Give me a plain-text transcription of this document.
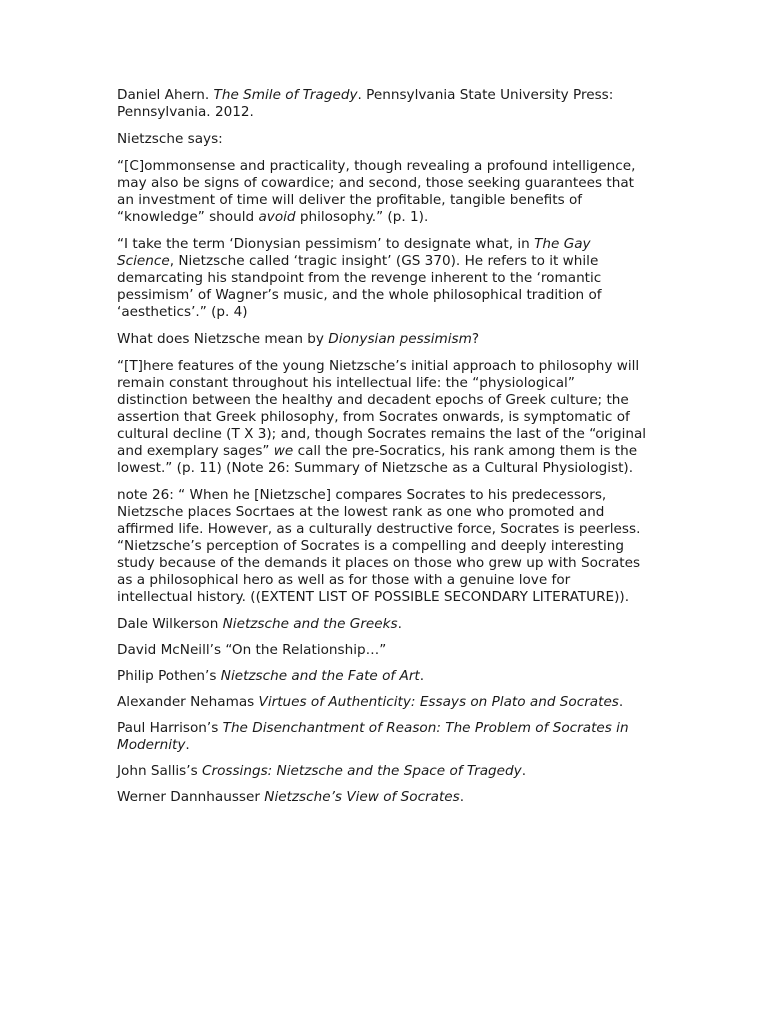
Daniel Ahern. The Smile of Tragedy. Pennsylvania State University Press: Pennsylvania. 2012.

Nietzsche says:

“[C]ommonsense and practicality, though revealing a profound intelligence, may also be signs of cowardice; and second, those seeking guarantees that an investment of time will deliver the profitable, tangible benefits of “knowledge” should avoid philosophy.” (p. 1).

“I take the term ‘Dionysian pessimism’ to designate what, in The Gay Science, Nietzsche called ‘tragic insight’ (GS 370). He refers to it while demarcating his standpoint from the revenge inherent to the ‘romantic pessimism’ of Wagner’s music, and the whole philosophical tradition of ‘aesthetics’.” (p. 4)

What does Nietzsche mean by Dionysian pessimism?

“[T]here features of the young Nietzsche’s initial approach to philosophy will remain constant throughout his intellectual life: the “physiological” distinction between the healthy and decadent epochs of Greek culture; the assertion that Greek philosophy, from Socrates onwards, is symptomatic of cultural decline (T X 3); and, though Socrates remains the last of the “original and exemplary sages” we call the pre-Socratics, his rank among them is the lowest.” (p. 11) (Note 26: Summary of Nietzsche as a Cultural Physiologist).

note 26: “ When he [Nietzsche] compares Socrates to his predecessors, Nietzsche places Socrtaes at the lowest rank as one who promoted and affirmed life. However, as a culturally destructive force, Socrates is peerless. “Nietzsche’s perception of Socrates is a compelling and deeply interesting study because of the demands it places on those who grew up with Socrates as a philosophical hero as well as for those with a genuine love for intellectual history. ((EXTENT LIST OF POSSIBLE SECONDARY LITERATURE)).

Dale Wilkerson Nietzsche and the Greeks.

David McNeill’s “On the Relationship…”

Philip Pothen’s Nietzsche and the Fate of Art.

Alexander Nehamas Virtues of Authenticity: Essays on Plato and Socrates.

Paul Harrison’s The Disenchantment of Reason: The Problem of Socrates in Modernity.

John Sallis’s Crossings: Nietzsche and the Space of Tragedy.

Werner Dannhausser Nietzsche’s View of Socrates.
